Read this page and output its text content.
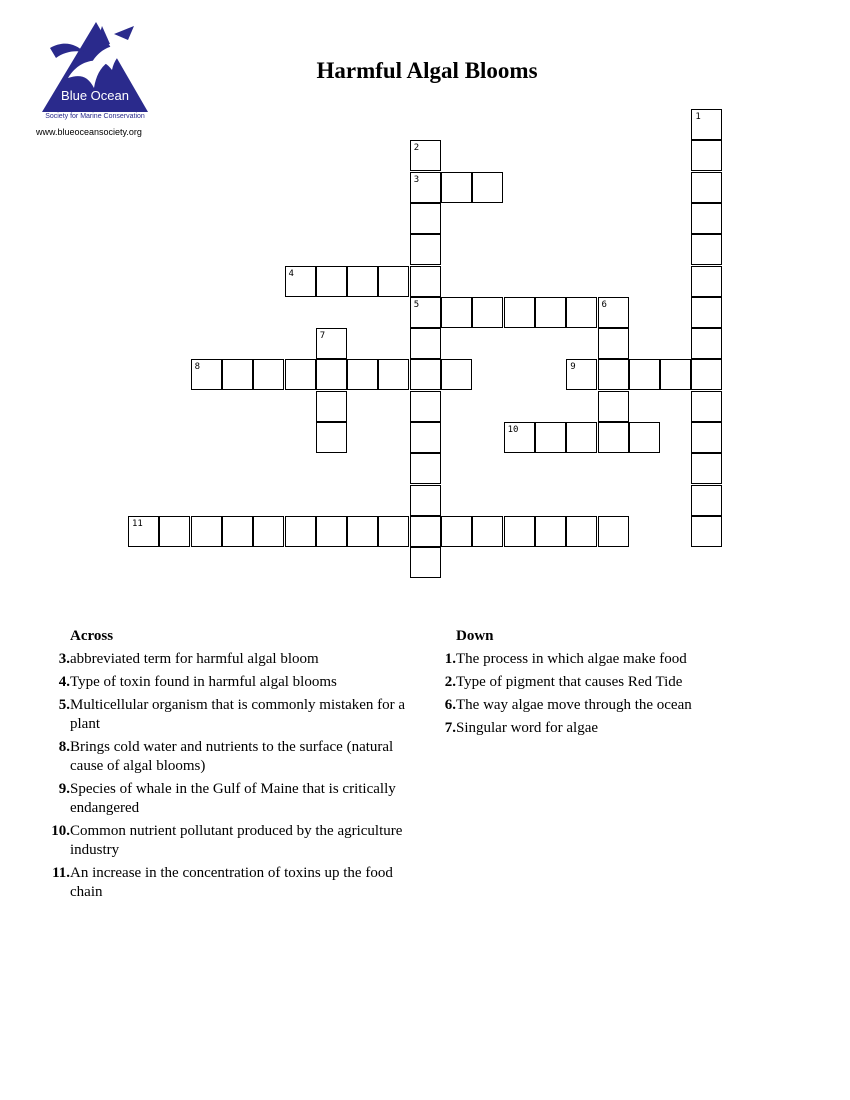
Blue Ocean
Society for Marine Conservation
www.blueoceansociety.org
Harmful Algal Blooms
1
2
3
5
4
6
7
8	9
10
11
Across
3. abbreviated term for harmful algal bloom
4. Type of toxin found in harmful algal blooms
5. Multicellular organism that is commonly mistaken for a plant
8. Brings cold water and nutrients to the surface (natural cause of algal blooms)
9. Species of whale in the Gulf of Maine that is critically endangered
10. Common nutrient pollutant produced by the agriculture industry
11. An increase in the concentration of toxins up the food chain
Down
1. The process in which algae make food
2. Type of pigment that causes Red Tide
6. The way algae move through the ocean
7. Singular word for algae
